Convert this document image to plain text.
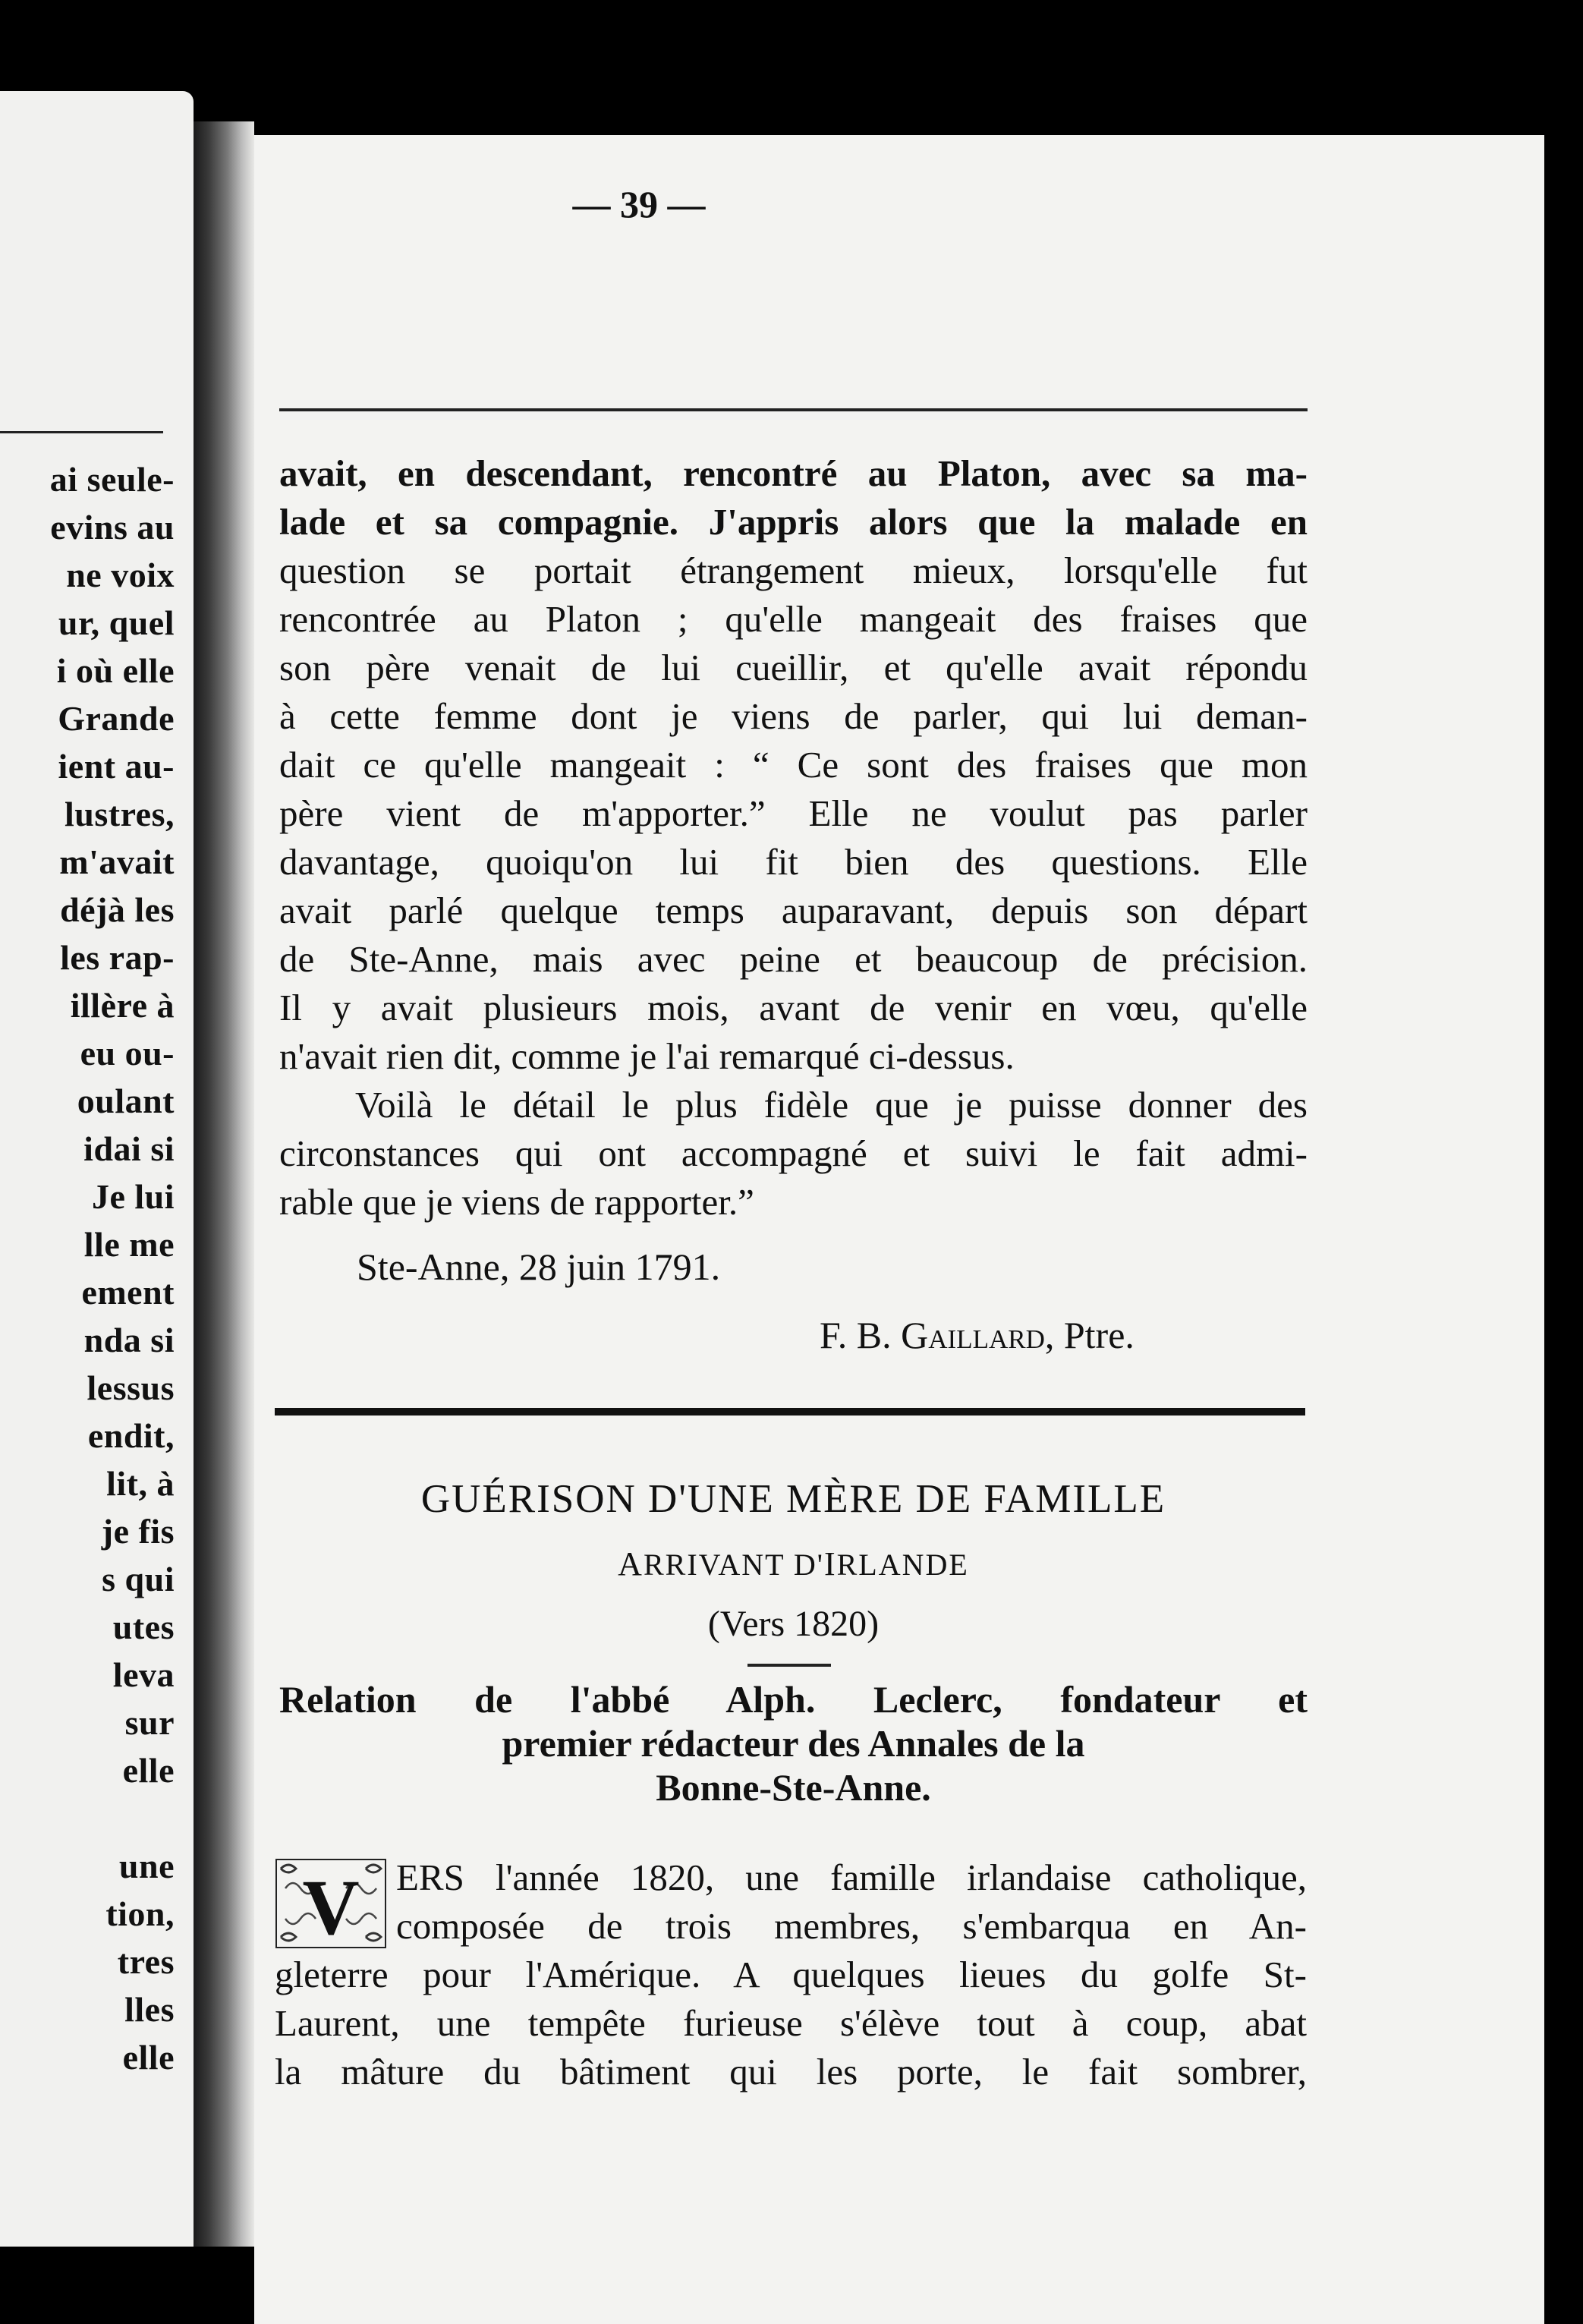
ai seule-
evins au
ne voix
ur, quel
i où elle
Grande
ient au-
lustres,
m'avait
déjà les
les rap-
illère à
eu ou-
oulant
idai si
Je lui
lle me
ement
nda si
lessus
endit,
lit, à
je fis
s qui
utes
leva
sur
elle
une
tion,
tres
lles
elle
— 39 —
avait, en descendant, rencontré au Platon, avec sa ma-
lade et sa compagnie. J'appris alors que la malade en
question se portait étrangement mieux, lorsqu'elle fut
rencontrée au Platon ; qu'elle mangeait des fraises que
son père venait de lui cueillir, et qu'elle avait répondu
à cette femme dont je viens de parler, qui lui deman-
dait ce qu'elle mangeait : “ Ce sont des fraises que mon
père vient de m'apporter.” Elle ne voulut pas parler
davantage, quoiqu'on lui fit bien des questions. Elle
avait parlé quelque temps auparavant, depuis son départ
de Ste-Anne, mais avec peine et beaucoup de précision.
Il y avait plusieurs mois, avant de venir en vœu, qu'elle
n'avait rien dit, comme je l'ai remarqué ci-dessus.
Voilà le détail le plus fidèle que je puisse donner des
circonstances qui ont accompagné et suivi le fait admi-
rable que je viens de rapporter.”
Ste-Anne, 28 juin 1791.
F. B. Gaillard, Ptre.
GUÉRISON D'UNE MÈRE DE FAMILLE
ARRIVANT D'IRLANDE
(Vers 1820)
Relation de l'abbé Alph. Leclerc, fondateur et
premier rédacteur des Annales de la
Bonne-Ste-Anne.
V ERS l'année 1820, une famille irlandaise catholique,
composée de trois membres, s'embarqua en An-
gleterre pour l'Amérique. A quelques lieues du golfe St-
Laurent, une tempête furieuse s'élève tout à coup, abat
la mâture du bâtiment qui les porte, le fait sombrer,
